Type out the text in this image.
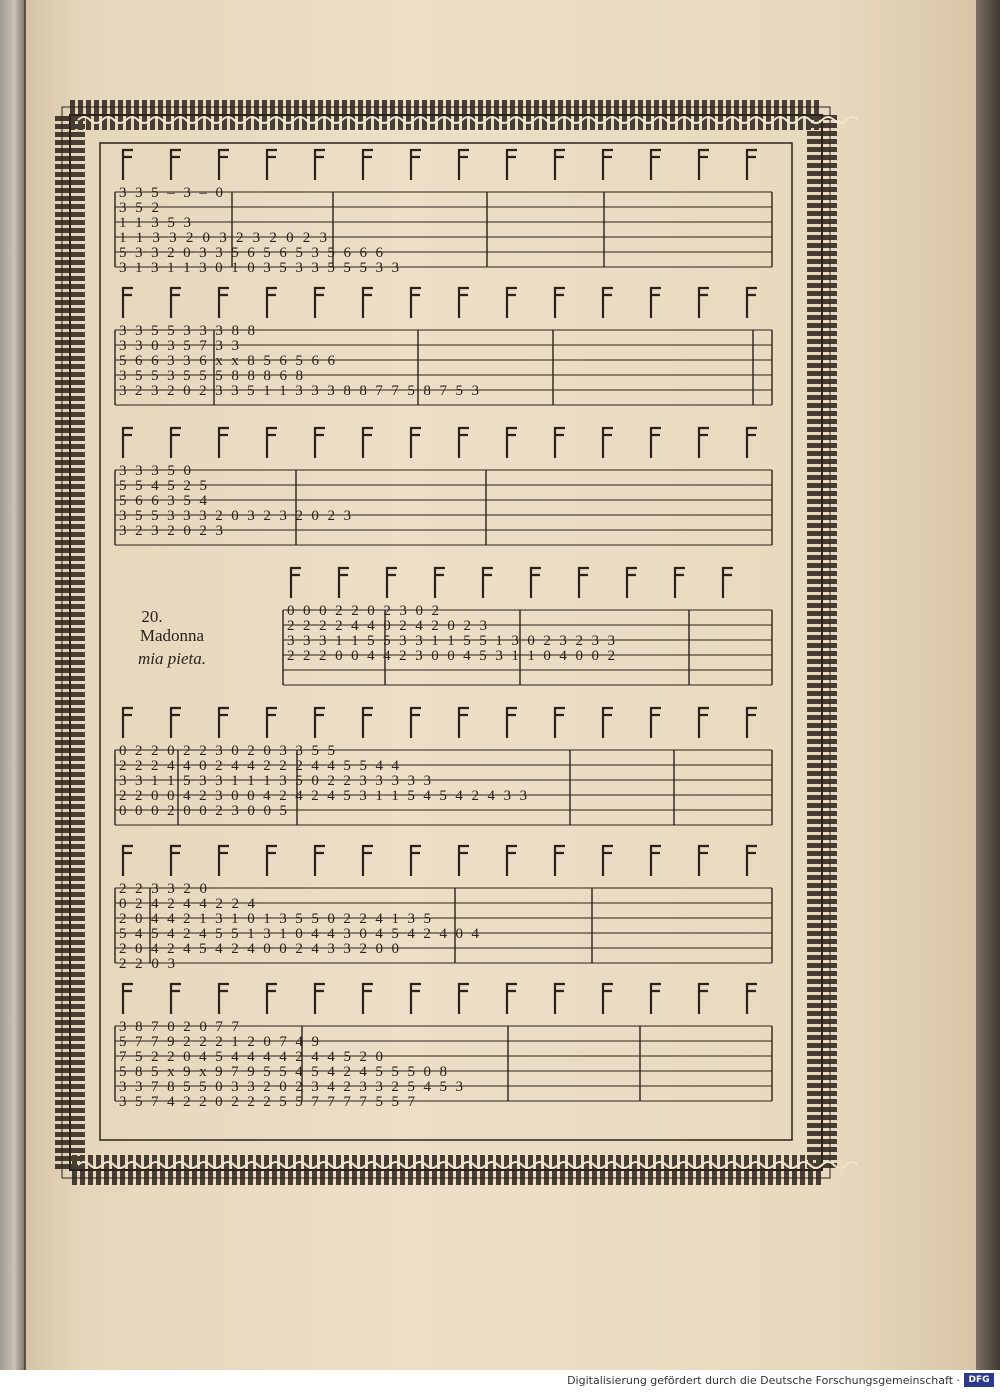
3 3 5 – 3 – 0
3 5 2
1 1 3 5 3
1 1 3 3 2 0 3 2 3 2 0 2 3
5 3 3 2 0 3 3 5 6 5 6 5 3 5 6 6 6
3 1 3 1 1 3 0 1 0 3 5 3 3 5 5 5 3 3
3 3 5 5 3 3 3 8 8
3 3 0 3 5 7 3 3
5 6 6 3 3 6 x x 8 5 6 5 6 6
3 5 5 3 5 5 5 8 8 8 6 8
3 2 3 2 0 2 3 3 5 1 1 3 3 3 8 8 7 7 5 8 7 5 3
3 3 3 5 0
5 5 4 5 2 5
5 6 6 3 5 4
3 5 5 3 3 3 2 0 3 2 3 2 0 2 3
3 2 3 2 0 2 3
0 0 0 2 2 0 2 3 0 2
2 2 2 2 4 4 0 2 4 2 0 2 3
3 3 3 1 1 5 5 3 3 1 1 5 5 1 3 0 2 3 2 3 3
2 2 2 0 0 4 4 2 3 0 0 4 5 3 1 1 0 4 0 0 2
0 2 2 0 2 2 3 0 2 0 3 3 5 5
2 2 2 4 4 0 2 4 4 2 2 2 4 4 5 5 4 4
3 3 1 1 5 3 3 1 1 1 3 5 0 2 2 3 3 3 3 3
2 2 0 0 4 2 3 0 0 4 2 4 2 4 5 3 1 1 5 4 5 4 2 4 3 3
0 0 0 2 0 0 2 3 0 0 5
2 2 3 3 2 0
0 2 4 2 4 4 2 2 4
2 0 4 4 2 1 3 1 0 1 3 5 5 0 2 2 4 1 3 5
5 4 5 4 2 4 5 5 1 3 1 0 4 4 3 0 4 5 4 2 4 0 4
2 0 4 2 4 5 4 2 4 0 0 2 4 3 3 2 0 0
2 2 0 3
3 8 7 0 2 0 7 7
5 7 7 9 2 2 2 1 2 0 7 4 9
7 5 2 2 0 4 5 4 4 4 4 2 4 4 5 2 0
5 8 5 x 9 x 9 7 9 5 5 4 5 4 2 4 5 5 5 0 8
3 3 7 8 5 5 0 3 3 2 0 2 3 4 2 3 3 2 5 4 5 3
3 5 7 4 2 2 0 2 2 2 5 5 7 7 7 7 5 5 7
20.
Madonna
mia pieta.
Digitalisierung gefördert durch die Deutsche Forschungsgemeinschaft · DFG
